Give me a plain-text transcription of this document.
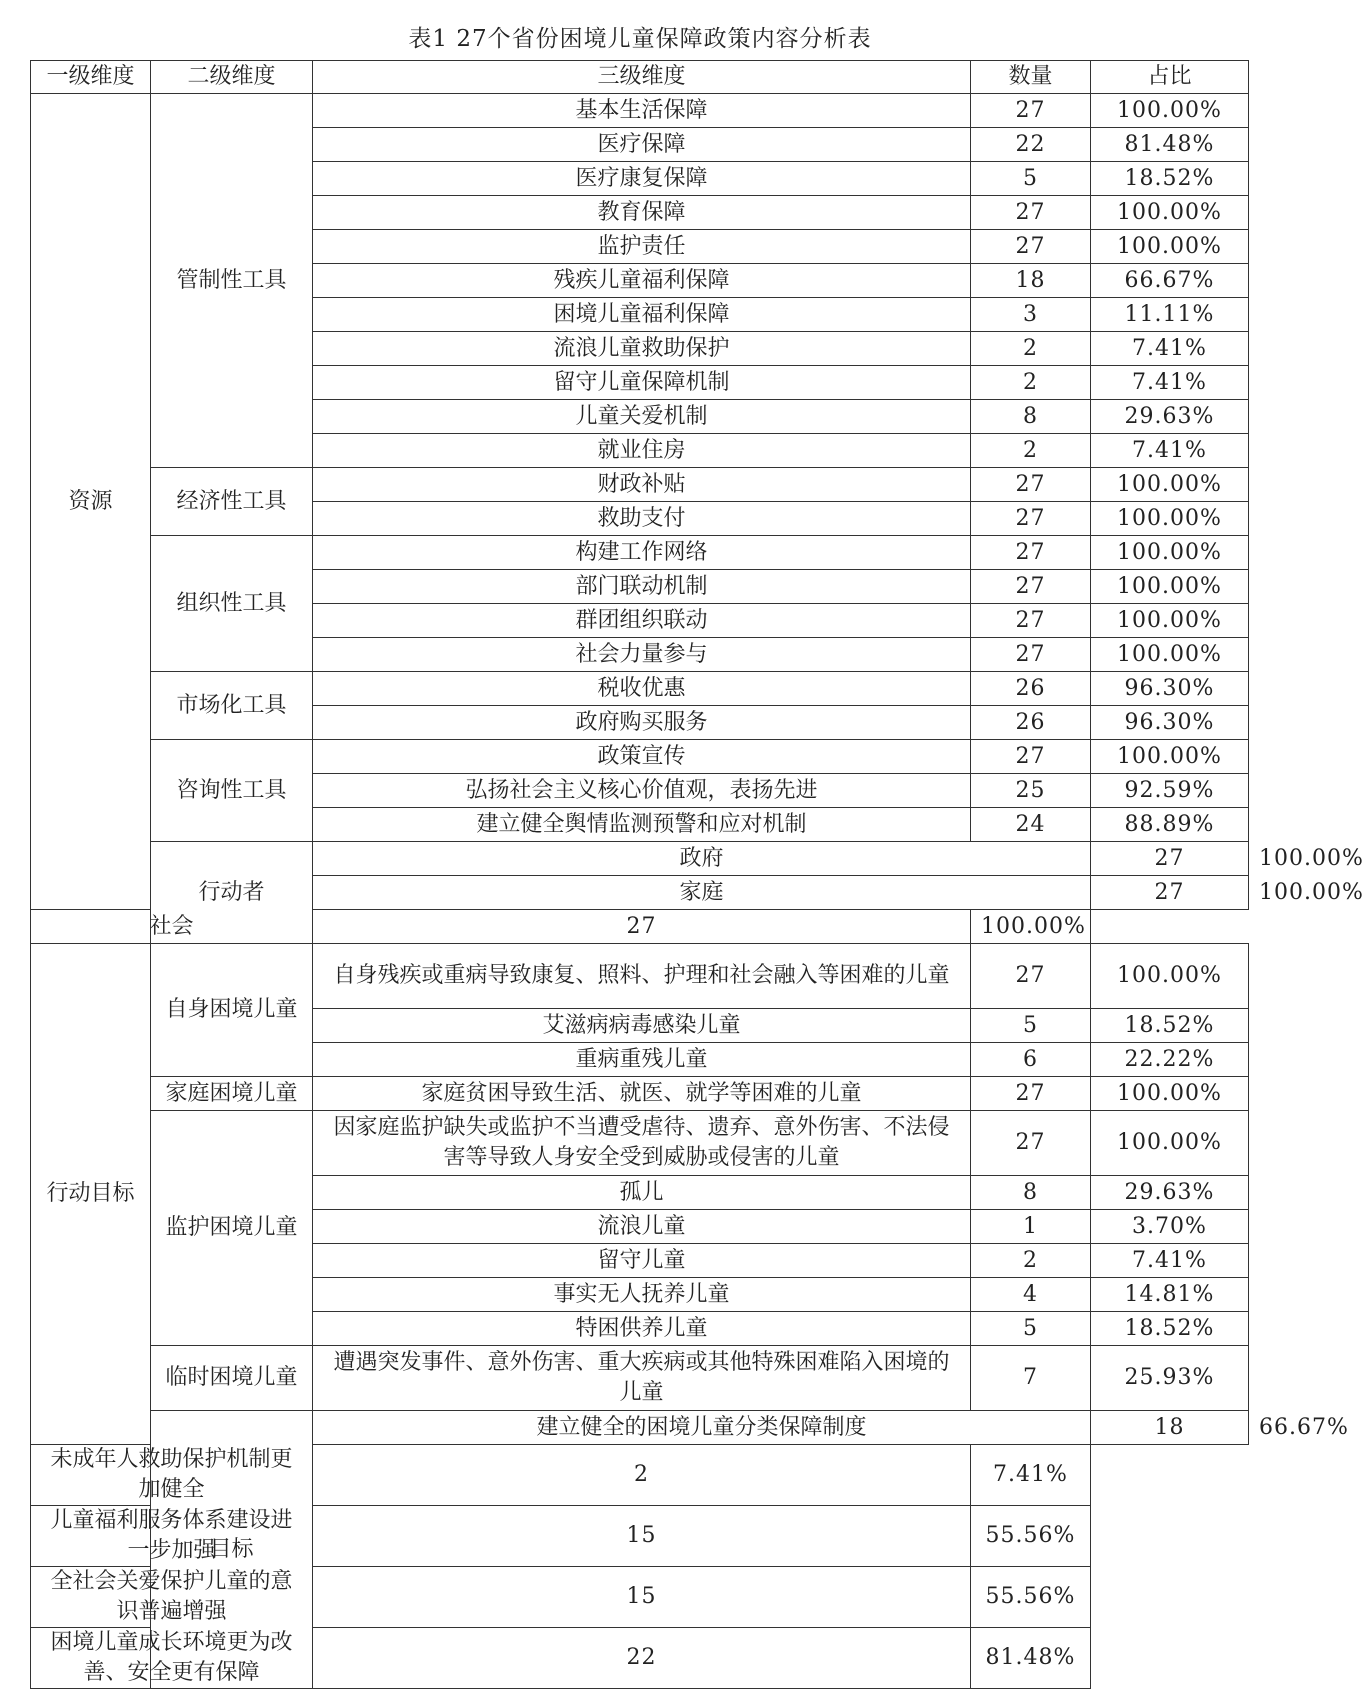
表1 27个省份困境儿童保障政策内容分析表
一级维度	二级维度	三级维度	数量	占比	
资源	管制性工具	基本生活保障	27	100.00%	
		医疗保障	22	81.48%	
		医疗康复保障	5	18.52%	
		教育保障	27	100.00%	
		监护责任	27	100.00%	
		残疾儿童福利保障	18	66.67%	
		困境儿童福利保障	3	11.11%	
		流浪儿童救助保护	2	7.41%	
		留守儿童保障机制	2	7.41%	
		儿童关爱机制	8	29.63%	
		就业住房	2	7.41%	
	经济性工具	财政补贴	27	100.00%	
		救助支付	27	100.00%	
	组织性工具	构建工作网络	27	100.00%	
		部门联动机制	27	100.00%	
		群团组织联动	27	100.00%	
		社会力量参与	27	100.00%	
	市场化工具	税收优惠	26	96.30%	
		政府购买服务	26	96.30%	
	咨询性工具	政策宣传	27	100.00%	
		弘扬社会主义核心价值观，表扬先进	25	92.59%	
		建立健全舆情监测预警和应对机制	24	88.89%	
	行动者	政府		27	100.00%
		家庭		27	100.00%
社会		27	100.00%		
行动目标	自身困境儿童	自身残疾或重病导致康复、照料、护理和社会融入等困难的儿童	27	100.00%	
		艾滋病病毒感染儿童	5	18.52%	
		重病重残儿童	6	22.22%	
	家庭困境儿童	家庭贫困导致生活、就医、就学等困难的儿童	27	100.00%	
	监护困境儿童	因家庭监护缺失或监护不当遭受虐待、遗弃、意外伤害、不法侵害等导致人身安全受到威胁或侵害的儿童	27	100.00%	
		孤儿	8	29.63%	
		流浪儿童	1	3.70%	
		留守儿童	2	7.41%	
		事实无人抚养儿童	4	14.81%	
		特困供养儿童	5	18.52%	
	临时困境儿童	遭遇突发事件、意外伤害、重大疾病或其他特殊困难陷入困境的儿童	7	25.93%	
	目标	建立健全的困境儿童分类保障制度		18	66.67%
未成年人救助保护机制更加健全		2	7.41%		
儿童福利服务体系建设进一步加强		15	55.56%		
全社会关爱保护儿童的意识普遍增强		15	55.56%		
困境儿童成长环境更为改善、安全更有保障		22	81.48%		
